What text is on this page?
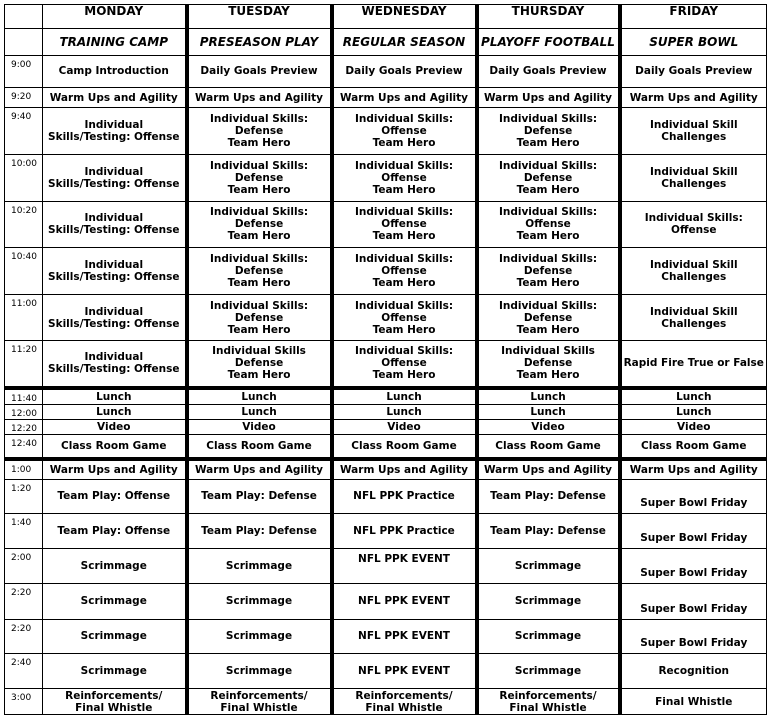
	MONDAY	TUESDAY	WEDNESDAY	THURSDAY	FRIDAY
	TRAINING CAMP	PRESEASON PLAY	REGULAR SEASON	PLAYOFF FOOTBALL	SUPER BOWL
9:00	Camp Introduction	Daily Goals Preview	Daily Goals Preview	Daily Goals Preview	Daily Goals Preview
9:20	Warm Ups and Agility	Warm Ups and Agility	Warm Ups and Agility	Warm Ups and Agility	Warm Ups and Agility
9:40	Individual
Skills/Testing: Offense	Individual Skills:
Defense
Team Hero	Individual Skills:
Offense
Team Hero	Individual Skills:
Defense
Team Hero	Individual Skill
Challenges
10:00	Individual
Skills/Testing: Offense	Individual Skills:
Defense
Team Hero	Individual Skills:
Offense
Team Hero	Individual Skills:
Defense
Team Hero	Individual Skill
Challenges
10:20	Individual
Skills/Testing: Offense	Individual Skills:
Defense
Team Hero	Individual Skills:
Offense
Team Hero	Individual Skills:
Offense
Team Hero	Individual Skills:
Offense
10:40	Individual
Skills/Testing: Offense	Individual Skills:
Defense
Team Hero	Individual Skills:
Offense
Team Hero	Individual Skills:
Defense
Team Hero	Individual Skill
Challenges
11:00	Individual
Skills/Testing: Offense	Individual Skills:
Defense
Team Hero	Individual Skills:
Offense
Team Hero	Individual Skills:
Defense
Team Hero	Individual Skill
Challenges
11:20	Individual
Skills/Testing: Offense	Individual Skills
Defense
Team Hero	Individual Skills:
Offense
Team Hero	Individual Skills
Defense
Team Hero	Rapid Fire True or False
11:40	Lunch	Lunch	Lunch	Lunch	Lunch
12:00	Lunch	Lunch	Lunch	Lunch	Lunch
12:20	Video	Video	Video	Video	Video
12:40	Class Room Game	Class Room Game	Class Room Game	Class Room Game	Class Room Game
1:00	Warm Ups and Agility	Warm Ups and Agility	Warm Ups and Agility	Warm Ups and Agility	Warm Ups and Agility
1:20	Team Play: Offense	Team Play: Defense	NFL PPK Practice	Team Play: Defense	Super Bowl Friday
1:40	Team Play: Offense	Team Play: Defense	NFL PPK Practice	Team Play: Defense	Super Bowl Friday
2:00	Scrimmage	Scrimmage	NFL PPK EVENT	Scrimmage	Super Bowl Friday
2:20	Scrimmage	Scrimmage	NFL PPK EVENT	Scrimmage	Super Bowl Friday
2:20	Scrimmage	Scrimmage	NFL PPK EVENT	Scrimmage	Super Bowl Friday
2:40	Scrimmage	Scrimmage	NFL PPK EVENT	Scrimmage	Recognition
3:00	Reinforcements/
Final Whistle	Reinforcements/
Final Whistle	Reinforcements/
Final Whistle	Reinforcements/
Final Whistle	Final Whistle
